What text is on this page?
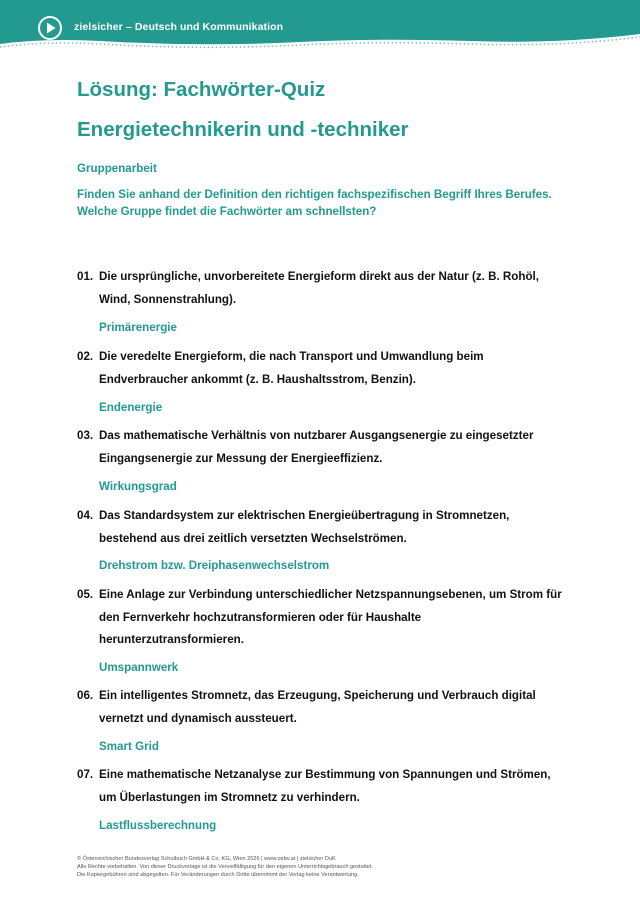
zielsicher – Deutsch und Kommunikation
Lösung: Fachwörter-Quiz
Energietechnikerin und -techniker

Gruppenarbeit

Finden Sie anhand der Definition den richtigen fachspezifischen Begriff Ihres Berufes. Welche Gruppe findet die Fachwörter am schnellsten?

01. Die ursprüngliche, unvorbereitete Energieform direkt aus der Natur (z. B. Rohöl, Wind, Sonnenstrahlung).
Primärenergie
02. Die veredelte Energieform, die nach Transport und Umwandlung beim Endverbraucher ankommt (z. B. Haushaltsstrom, Benzin).
Endenergie
03. Das mathematische Verhältnis von nutzbarer Ausgangsenergie zu eingesetzter Eingangsenergie zur Messung der Energieeffizienz.
Wirkungsgrad
04. Das Standardsystem zur elektrischen Energieübertragung in Stromnetzen, bestehend aus drei zeitlich versetzten Wechselströmen.
Drehstrom bzw. Dreiphasenwechselstrom
05. Eine Anlage zur Verbindung unterschiedlicher Netzspannungsebenen, um Strom für den Fernverkehr hochzutransformieren oder für Haushalte herunterzutransformieren.
Umspannwerk
06. Ein intelligentes Stromnetz, das Erzeugung, Speicherung und Verbrauch digital vernetzt und dynamisch aussteuert.
Smart Grid
07. Eine mathematische Netzanalyse zur Bestimmung von Spannungen und Strömen, um Überlastungen im Stromnetz zu verhindern.
Lastflussberechnung
© Österreichischer Bundesverlag Schulbuch GmbH & Co. KG, Wien 2026 | www.oebv.at | zielsicher DuK
Alle Rechte vorbehalten. Von dieser Druckvorlage ist die Vervielfältigung für den eigenen Unterrichtsgebrauch gestattet.
Die Kopiergebühren sind abgegolten. Für Veränderungen durch Dritte übernimmt der Verlag keine Verantwortung.
